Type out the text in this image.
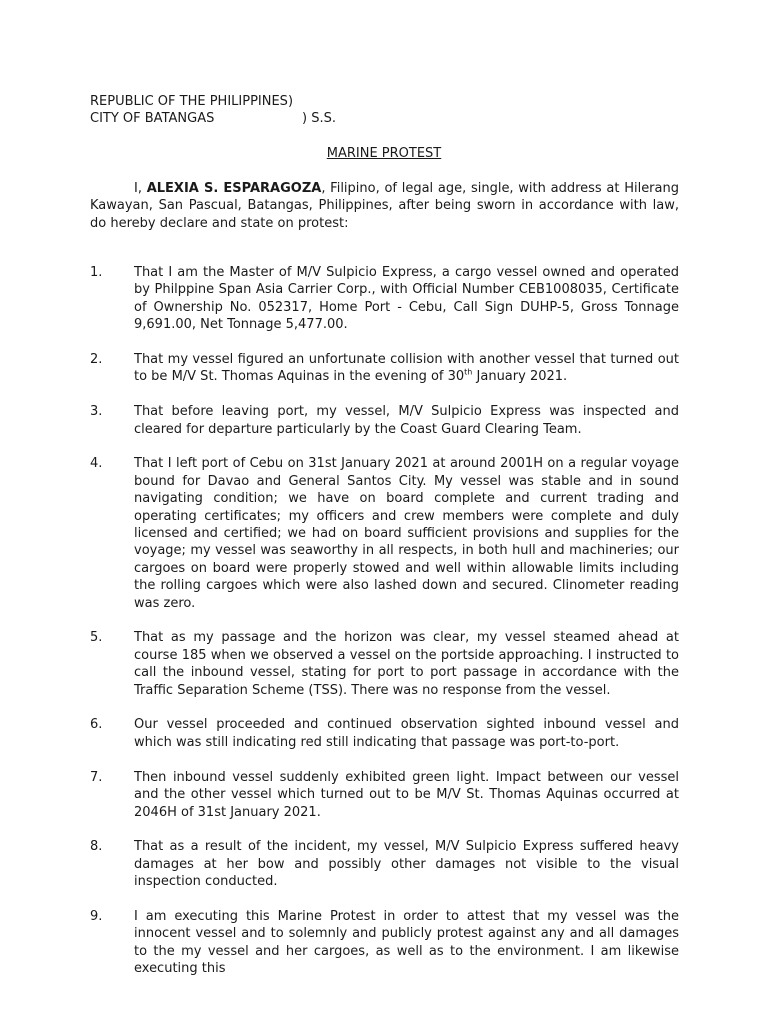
REPUBLIC OF THE PHILIPPINES)
CITY OF BATANGAS	) S.S.
MARINE PROTEST

I, ALEXIA S. ESPARAGOZA, Filipino, of legal age, single, with address at Hilerang Kawayan, San Pascual, Batangas, Philippines, after being sworn in accordance with law, do hereby declare and state on protest:

1.	That I am the Master of M/V Sulpicio Express, a cargo vessel owned and operated by Philppine Span Asia Carrier Corp., with Official Number CEB1008035, Certificate of Ownership No. 052317, Home Port - Cebu, Call Sign DUHP-5, Gross Tonnage 9,691.00, Net Tonnage 5,477.00.
2.	That my vessel figured an unfortunate collision with another vessel that turned out to be M/V St. Thomas Aquinas in the evening of 30th January 2021.
3.	That before leaving port, my vessel, M/V Sulpicio Express was inspected and cleared for departure particularly by the Coast Guard Clearing Team.
4.	That I left port of Cebu on 31st January 2021 at around 2001H on a regular voyage bound for Davao and General Santos City. My vessel was stable and in sound navigating condition; we have on board complete and current trading and operating certificates; my officers and crew members were complete and duly licensed and certified; we had on board sufficient provisions and supplies for the voyage; my vessel was seaworthy in all respects, in both hull and machineries; our cargoes on board were properly stowed and well within allowable limits including the rolling cargoes which were also lashed down and secured. Clinometer reading was zero.
5.	That as my passage and the horizon was clear, my vessel steamed ahead at course 185 when we observed a vessel on the portside approaching. I instructed to call the inbound vessel, stating for port to port passage in accordance with the Traffic Separation Scheme (TSS). There was no response from the vessel.
6.	Our vessel proceeded and continued observation sighted inbound vessel and which was still indicating red still indicating that passage was port-to-port.
7.	Then inbound vessel suddenly exhibited green light. Impact between our vessel and the other vessel which turned out to be M/V St. Thomas Aquinas occurred at 2046H of 31st January 2021.
8.	That as a result of the incident, my vessel, M/V Sulpicio Express suffered heavy damages at her bow and possibly other damages not visible to the visual inspection conducted.
9.	I am executing this Marine Protest in order to attest that my vessel was the innocent vessel and to solemnly and publicly protest against any and all damages to the my vessel and her cargoes, as well as to the environment. I am likewise executing this
